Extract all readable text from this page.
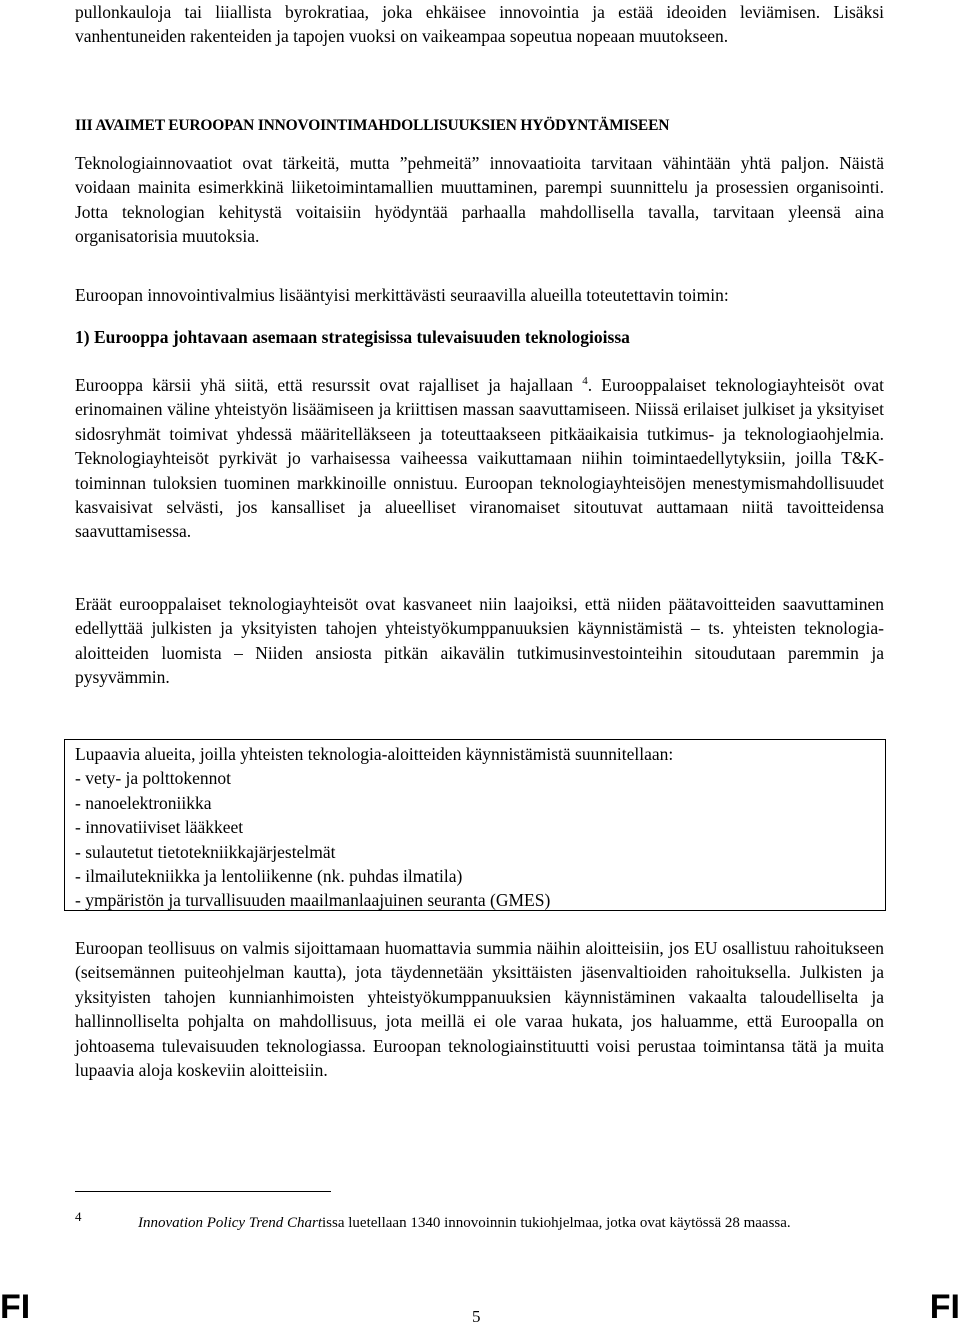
pullonkauloja tai liiallista byrokratiaa, joka ehkäisee innovointia ja estää ideoiden leviämisen. Lisäksi vanhentuneiden rakenteiden ja tapojen vuoksi on vaikeampaa sopeutua nopeaan muutokseen.

III AVAIMET EUROOPAN INNOVOINTIMAHDOLLISUUKSIEN HYÖDYNTÄMISEEN

Teknologiainnovaatiot ovat tärkeitä, mutta ”pehmeitä” innovaatioita tarvitaan vähintään yhtä paljon. Näistä voidaan mainita esimerkkinä liiketoimintamallien muuttaminen, parempi suunnittelu ja prosessien organisointi. Jotta teknologian kehitystä voitaisiin hyödyntää parhaalla mahdollisella tavalla, tarvitaan yleensä aina organisatorisia muutoksia.

Euroopan innovointivalmius lisääntyisi merkittävästi seuraavilla alueilla toteutettavin toimin:

1) Eurooppa johtavaan asemaan strategisissa tulevaisuuden teknologioissa

Eurooppa kärsii yhä siitä, että resurssit ovat rajalliset ja hajallaan $^4$. Eurooppalaiset teknologiayhteisöt ovat erinomainen väline yhteistyön lisäämiseen ja kriittisen massan saavuttamiseen. Niissä erilaiset julkiset ja yksityiset sidosryhmät toimivat yhdessä määritelläkseen ja toteuttaakseen pitkäaikaisia tutkimus- ja teknologiaohjelmia. Teknologiayhteisöt pyrkivät jo varhaisessa vaiheessa vaikuttamaan niihin toimintaedellytyksiin, joilla T&K-toiminnan tuloksien tuominen markkinoille onnistuu. Euroopan teknologiayhteisöjen menestymismahdollisuudet kasvaisivat selvästi, jos kansalliset ja alueelliset viranomaiset sitoutuvat auttamaan niitä tavoitteidensa saavuttamisessa.

Eräät eurooppalaiset teknologiayhteisöt ovat kasvaneet niin laajoiksi, että niiden päätavoitteiden saavuttaminen edellyttää julkisten ja yksityisten tahojen yhteistyökumppanuuksien käynnistämistä – ts. yhteisten teknologia-aloitteiden luomista – Niiden ansiosta pitkän aikavälin tutkimusinvestointeihin sitoudutaan paremmin ja pysyvämmin.

Lupaavia alueita, joilla yhteisten teknologia-aloitteiden käynnistämistä suunnitellaan:
- vety- ja polttokennot
- nanoelektroniikka
- innovatiiviset lääkkeet
- sulautetut tietotekniikkajärjestelmät
- ilmailutekniikka ja lentoliikenne (nk. puhdas ilmatila)
- ympäristön ja turvallisuuden maailmanlaajuinen seuranta (GMES)

Euroopan teollisuus on valmis sijoittamaan huomattavia summia näihin aloitteisiin, jos EU osallistuu rahoitukseen (seitsemännen puiteohjelman kautta), jota täydennetään yksittäisten jäsenvaltioiden rahoituksella. Julkisten ja yksityisten tahojen kunnianhimoisten yhteistyökumppanuuksien käynnistäminen vakaalta taloudelliselta ja hallinnolliselta pohjalta on mahdollisuus, jota meillä ei ole varaa hukata, jos haluamme, että Euroopalla on johtoasema tulevaisuuden teknologiassa. Euroopan teknologiainstituutti voisi perustaa toimintansa tätä ja muita lupaavia aloja koskeviin aloitteisiin.

4	Innovation Policy Trend Chartissa luetellaan 1340 innovoinnin tukiohjelmaa, jotka ovat käytössä 28 maassa.

FI	5	FI
